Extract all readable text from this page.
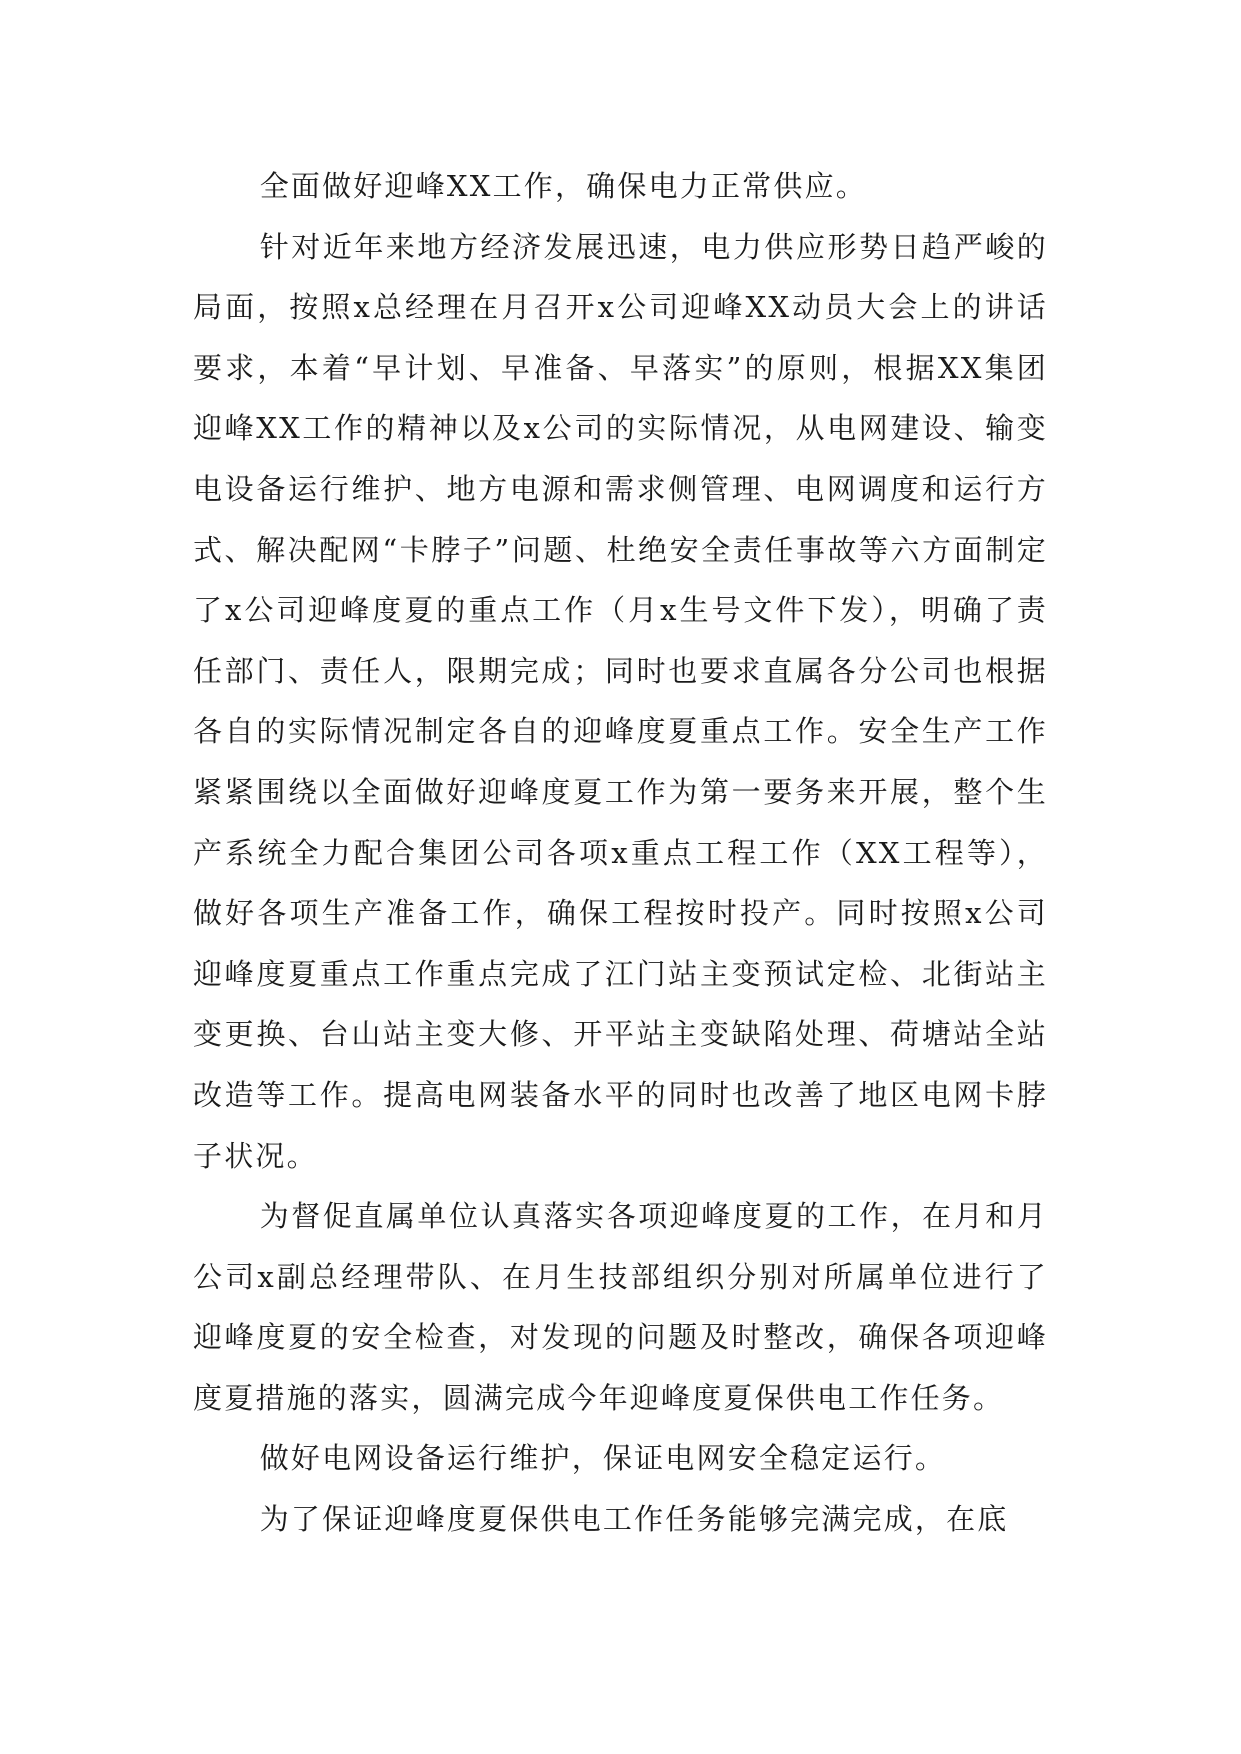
全面做好迎峰XX工作，确保电力正常供应。

针对近年来地方经济发展迅速，电力供应形势日趋严峻的局面，按照x总经理在月召开x公司迎峰XX动员大会上的讲话要求，本着“早计划、早准备、早落实”的原则，根据XX集团迎峰XX工作的精神以及x公司的实际情况，从电网建设、输变电设备运行维护、地方电源和需求侧管理、电网调度和运行方式、解决配网“卡脖子”问题、杜绝安全责任事故等六方面制定了x公司迎峰度夏的重点工作（月x生号文件下发），明确了责任部门、责任人，限期完成；同时也要求直属各分公司也根据各自的实际情况制定各自的迎峰度夏重点工作。安全生产工作紧紧围绕以全面做好迎峰度夏工作为第一要务来开展，整个生产系统全力配合集团公司各项x重点工程工作（XX工程等），做好各项生产准备工作，确保工程按时投产。同时按照x公司迎峰度夏重点工作重点完成了江门站主变预试定检、北街站主变更换、台山站主变大修、开平站主变缺陷处理、荷塘站全站改造等工作。提高电网装备水平的同时也改善了地区电网卡脖子状况。

为督促直属单位认真落实各项迎峰度夏的工作，在月和月公司x副总经理带队、在月生技部组织分别对所属单位进行了迎峰度夏的安全检查，对发现的问题及时整改，确保各项迎峰度夏措施的落实，圆满完成今年迎峰度夏保供电工作任务。

做好电网设备运行维护，保证电网安全稳定运行。

为了保证迎峰度夏保供电工作任务能够完满完成，在底
